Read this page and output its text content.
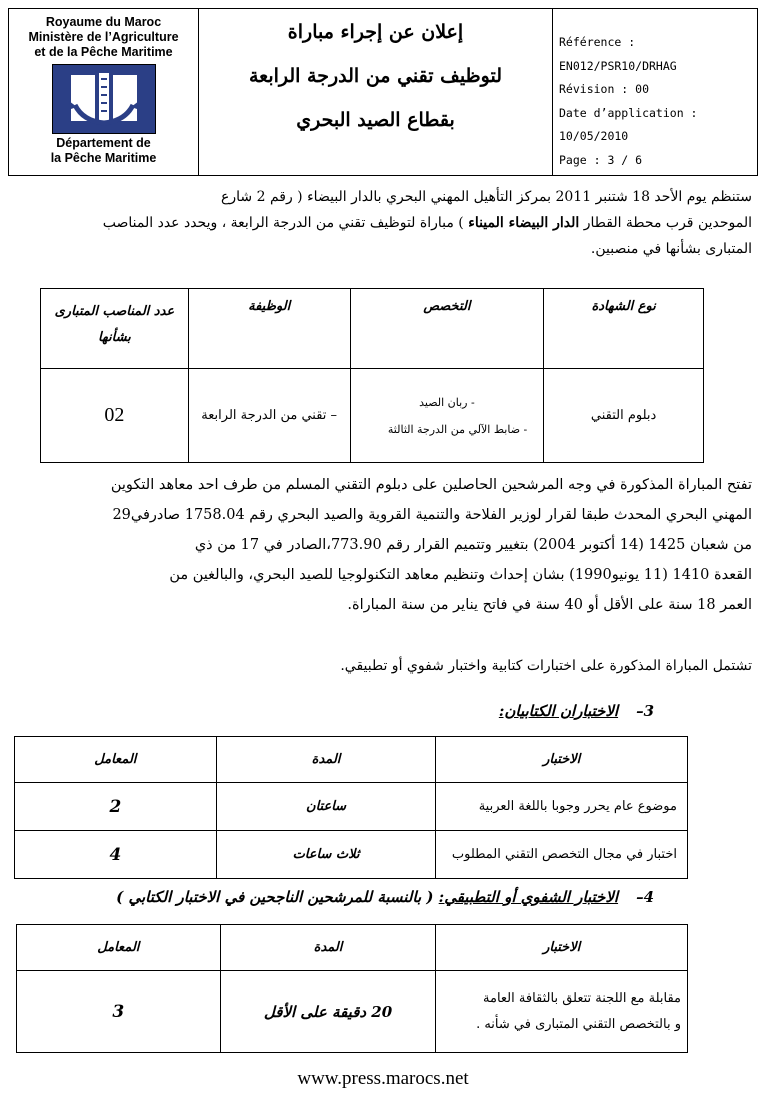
Royaume du Maroc
Ministère de l’Agriculture
et de la Pêche Maritime
Département de
la Pêche Maritime
إعلان عن إجراء مباراة
لتوظيف تقني من الدرجة الرابعة
بقطاع الصيد البحري
Référence :
EN012/PSR10/DRHAG
Révision : 00
Date d’application : 10/05/2010
Page : 3 / 6
ستنظم يوم الأحد 18 شتنبر 2011 بمركز التأهيل المهني البحري بالدار البيضاء ( رقم 2 شارع
الموحدين قرب محطة القطار الدار البيضاء الميناء ) مباراة لتوظيف تقني من الدرجة الرابعة ، ويحدد عدد المناصب
المتبارى بشأنها في منصبين.
نوع الشهادة	التخصص	الوظيفة	عدد المناصب المتبارى بشأنها
دبلوم التقني	- ربان الصيد
- ضابط الآلي من الدرجة الثالثة	– تقني من الدرجة الرابعة	02
تفتح المباراة المذكورة في وجه المرشحين الحاصلين على دبلوم التقني المسلم من طرف احد معاهد التكوين
المهني البحري المحدث طبقا لقرار لوزير الفلاحة والتنمية القروية والصيد البحري رقم 1758.04 صادرفي29
من شعبان 1425 (14 أكتوبر 2004) بتغيير وتتميم القرار رقم 773.90،الصادر في 17 من ذي
القعدة 1410 (11 يونيو1990) بشان إحداث وتنظيم معاهد التكنولوجيا للصيد البحري، والبالغين من
العمر 18 سنة على الأقل أو 40 سنة في فاتح يناير من سنة المباراة.
تشتمل المباراة المذكورة على اختبارات كتابية واختبار شفوي أو تطبيقي.
3–الاختباران الكتابيان:
الاختبار	المدة	المعامل
موضوع عام يحرر وجوبا باللغة العربية	ساعتان	2
اختبار في مجال التخصص التقني المطلوب	ثلاث ساعات	4
4–الاختبار الشفوي أو التطبيقي: ( بالنسبة للمرشحين الناجحين في الاختبار الكتابي )
الاختبار	المدة	المعامل

مقابلة مع اللجنة تتعلق بالثقافة العامة
و بالتخصص التقني المتبارى في شأنه .	20 دقيقة على الأقل	3
www.press.marocs.net
